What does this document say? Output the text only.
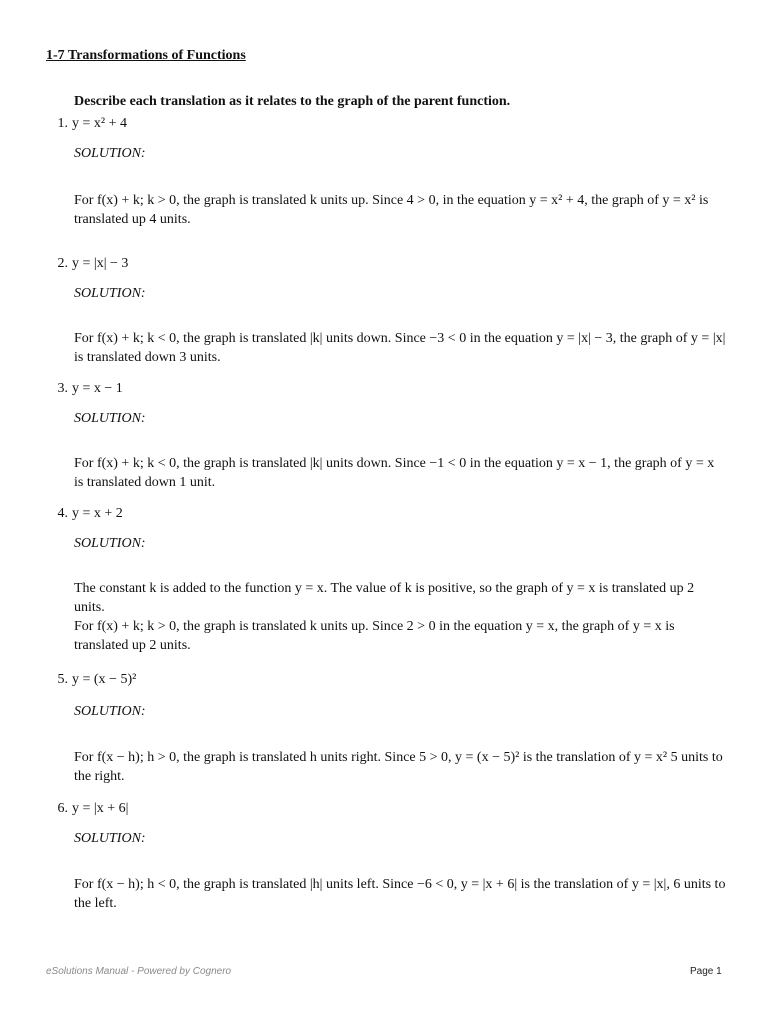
1-7 Transformations of Functions
Describe each translation as it relates to the graph of the parent function.
1. y = x² + 4
SOLUTION:

For f(x) + k; k > 0, the graph is translated k units up. Since 4 > 0, in the equation y = x² + 4, the graph of y = x² is translated up 4 units.

2. y = |x| − 3
SOLUTION:

For f(x) + k; k < 0, the graph is translated |k| units down. Since −3 < 0 in the equation y = |x| − 3, the graph of y = |x| is translated down 3 units.

3. y = x − 1
SOLUTION:

For f(x) + k; k < 0, the graph is translated |k| units down. Since −1 < 0 in the equation y = x − 1, the graph of y = x is translated down 1 unit.

4. y = x + 2
SOLUTION:

The constant k is added to the function y = x. The value of k is positive, so the graph of y = x is translated up 2 units.

For f(x) + k; k > 0, the graph is translated k units up. Since 2 > 0 in the equation y = x, the graph of y = x is translated up 2 units.

5. y = (x − 5)²
SOLUTION:

For f(x − h); h > 0, the graph is translated h units right. Since 5 > 0, y = (x − 5)² is the translation of y = x² 5 units to the right.

6. y = |x + 6|
SOLUTION:

For f(x − h); h < 0, the graph is translated |h| units left. Since −6 < 0, y = |x + 6| is the translation of y = |x|, 6 units to the left.

eSolutions Manual - Powered by Cognero	Page 1
